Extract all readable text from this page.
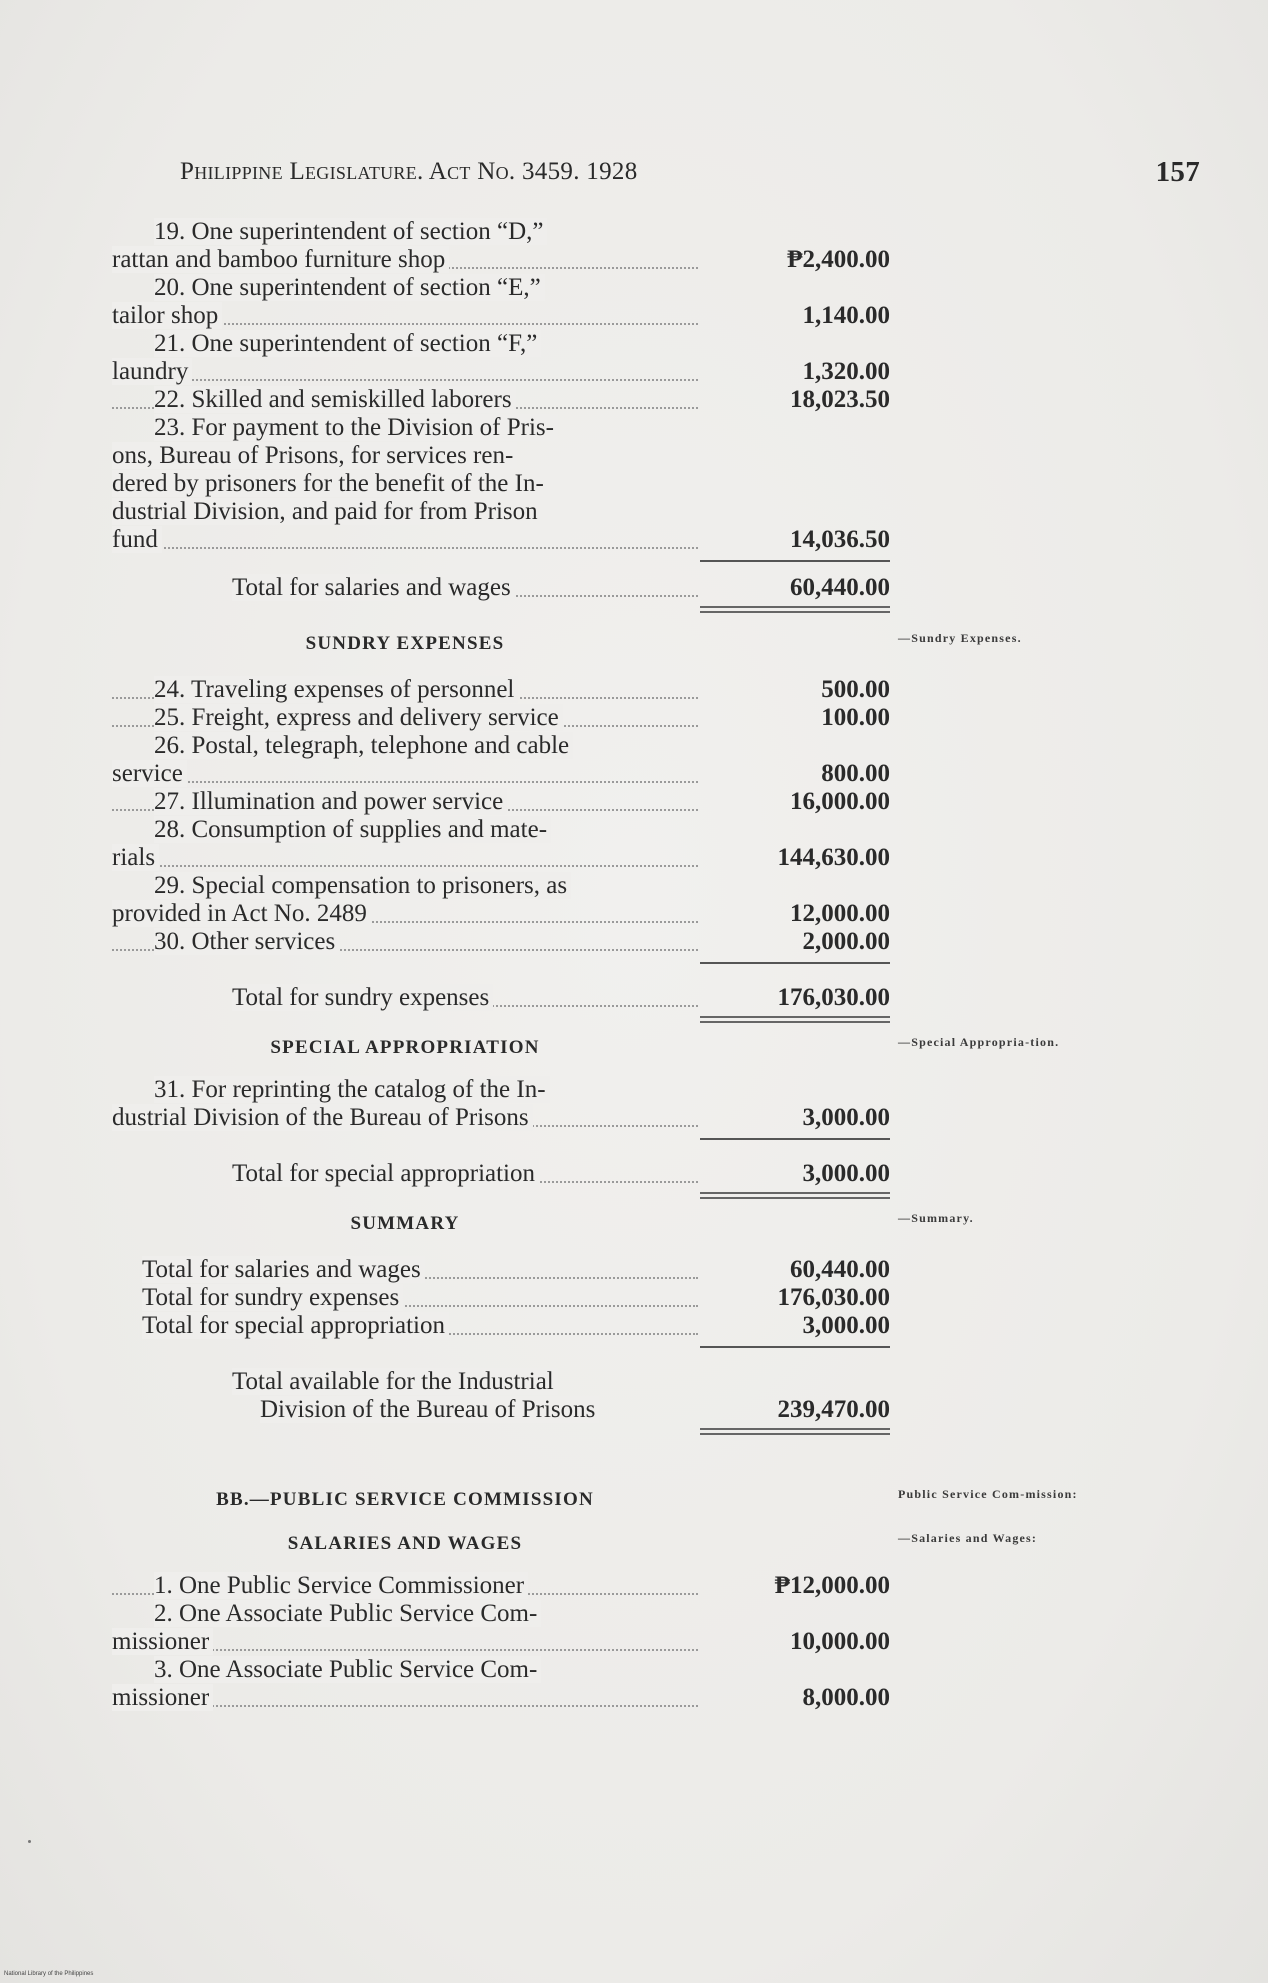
Philippine Legislature. Act No. 3459. 1928	157
19. One superintendent of section “D,”
rattan and bamboo furniture shop	₱2,400.00
20. One superintendent of section “E,”
tailor shop	1,140.00
21. One superintendent of section “F,”
laundry	1,320.00
22. Skilled and semiskilled laborers	18,023.50
23. For payment to the Division of Pris-
ons, Bureau of Prisons, for services ren-
dered by prisoners for the benefit of the In-
dustrial Division, and paid for from Prison
fund	14,036.50
Total for salaries and wages	60,440.00
SUNDRY EXPENSES	—Sundry Expenses.
24. Traveling expenses of personnel	500.00
25. Freight, express and delivery service	100.00
26. Postal, telegraph, telephone and cable
service	800.00
27. Illumination and power service	16,000.00
28. Consumption of supplies and mate-
rials	144,630.00
29. Special compensation to prisoners, as
provided in Act No. 2489	12,000.00
30. Other services	2,000.00
Total for sundry expenses	176,030.00
SPECIAL APPROPRIATION	—Special Appropria-tion.
31. For reprinting the catalog of the In-
dustrial Division of the Bureau of Prisons	3,000.00
Total for special appropriation	3,000.00
SUMMARY	—Summary.
Total for salaries and wages	60,440.00
Total for sundry expenses	176,030.00
Total for special appropriation	3,000.00
Total available for the Industrial
Division of the Bureau of Prisons	239,470.00
BB.—PUBLIC SERVICE COMMISSION	Public Service Com-mission:
SALARIES AND WAGES	—Salaries and Wages:
1. One Public Service Commissioner	₱12,000.00
2. One Associate Public Service Com-
missioner	10,000.00
3. One Associate Public Service Com-
missioner	8,000.00
National Library of the Philippines
